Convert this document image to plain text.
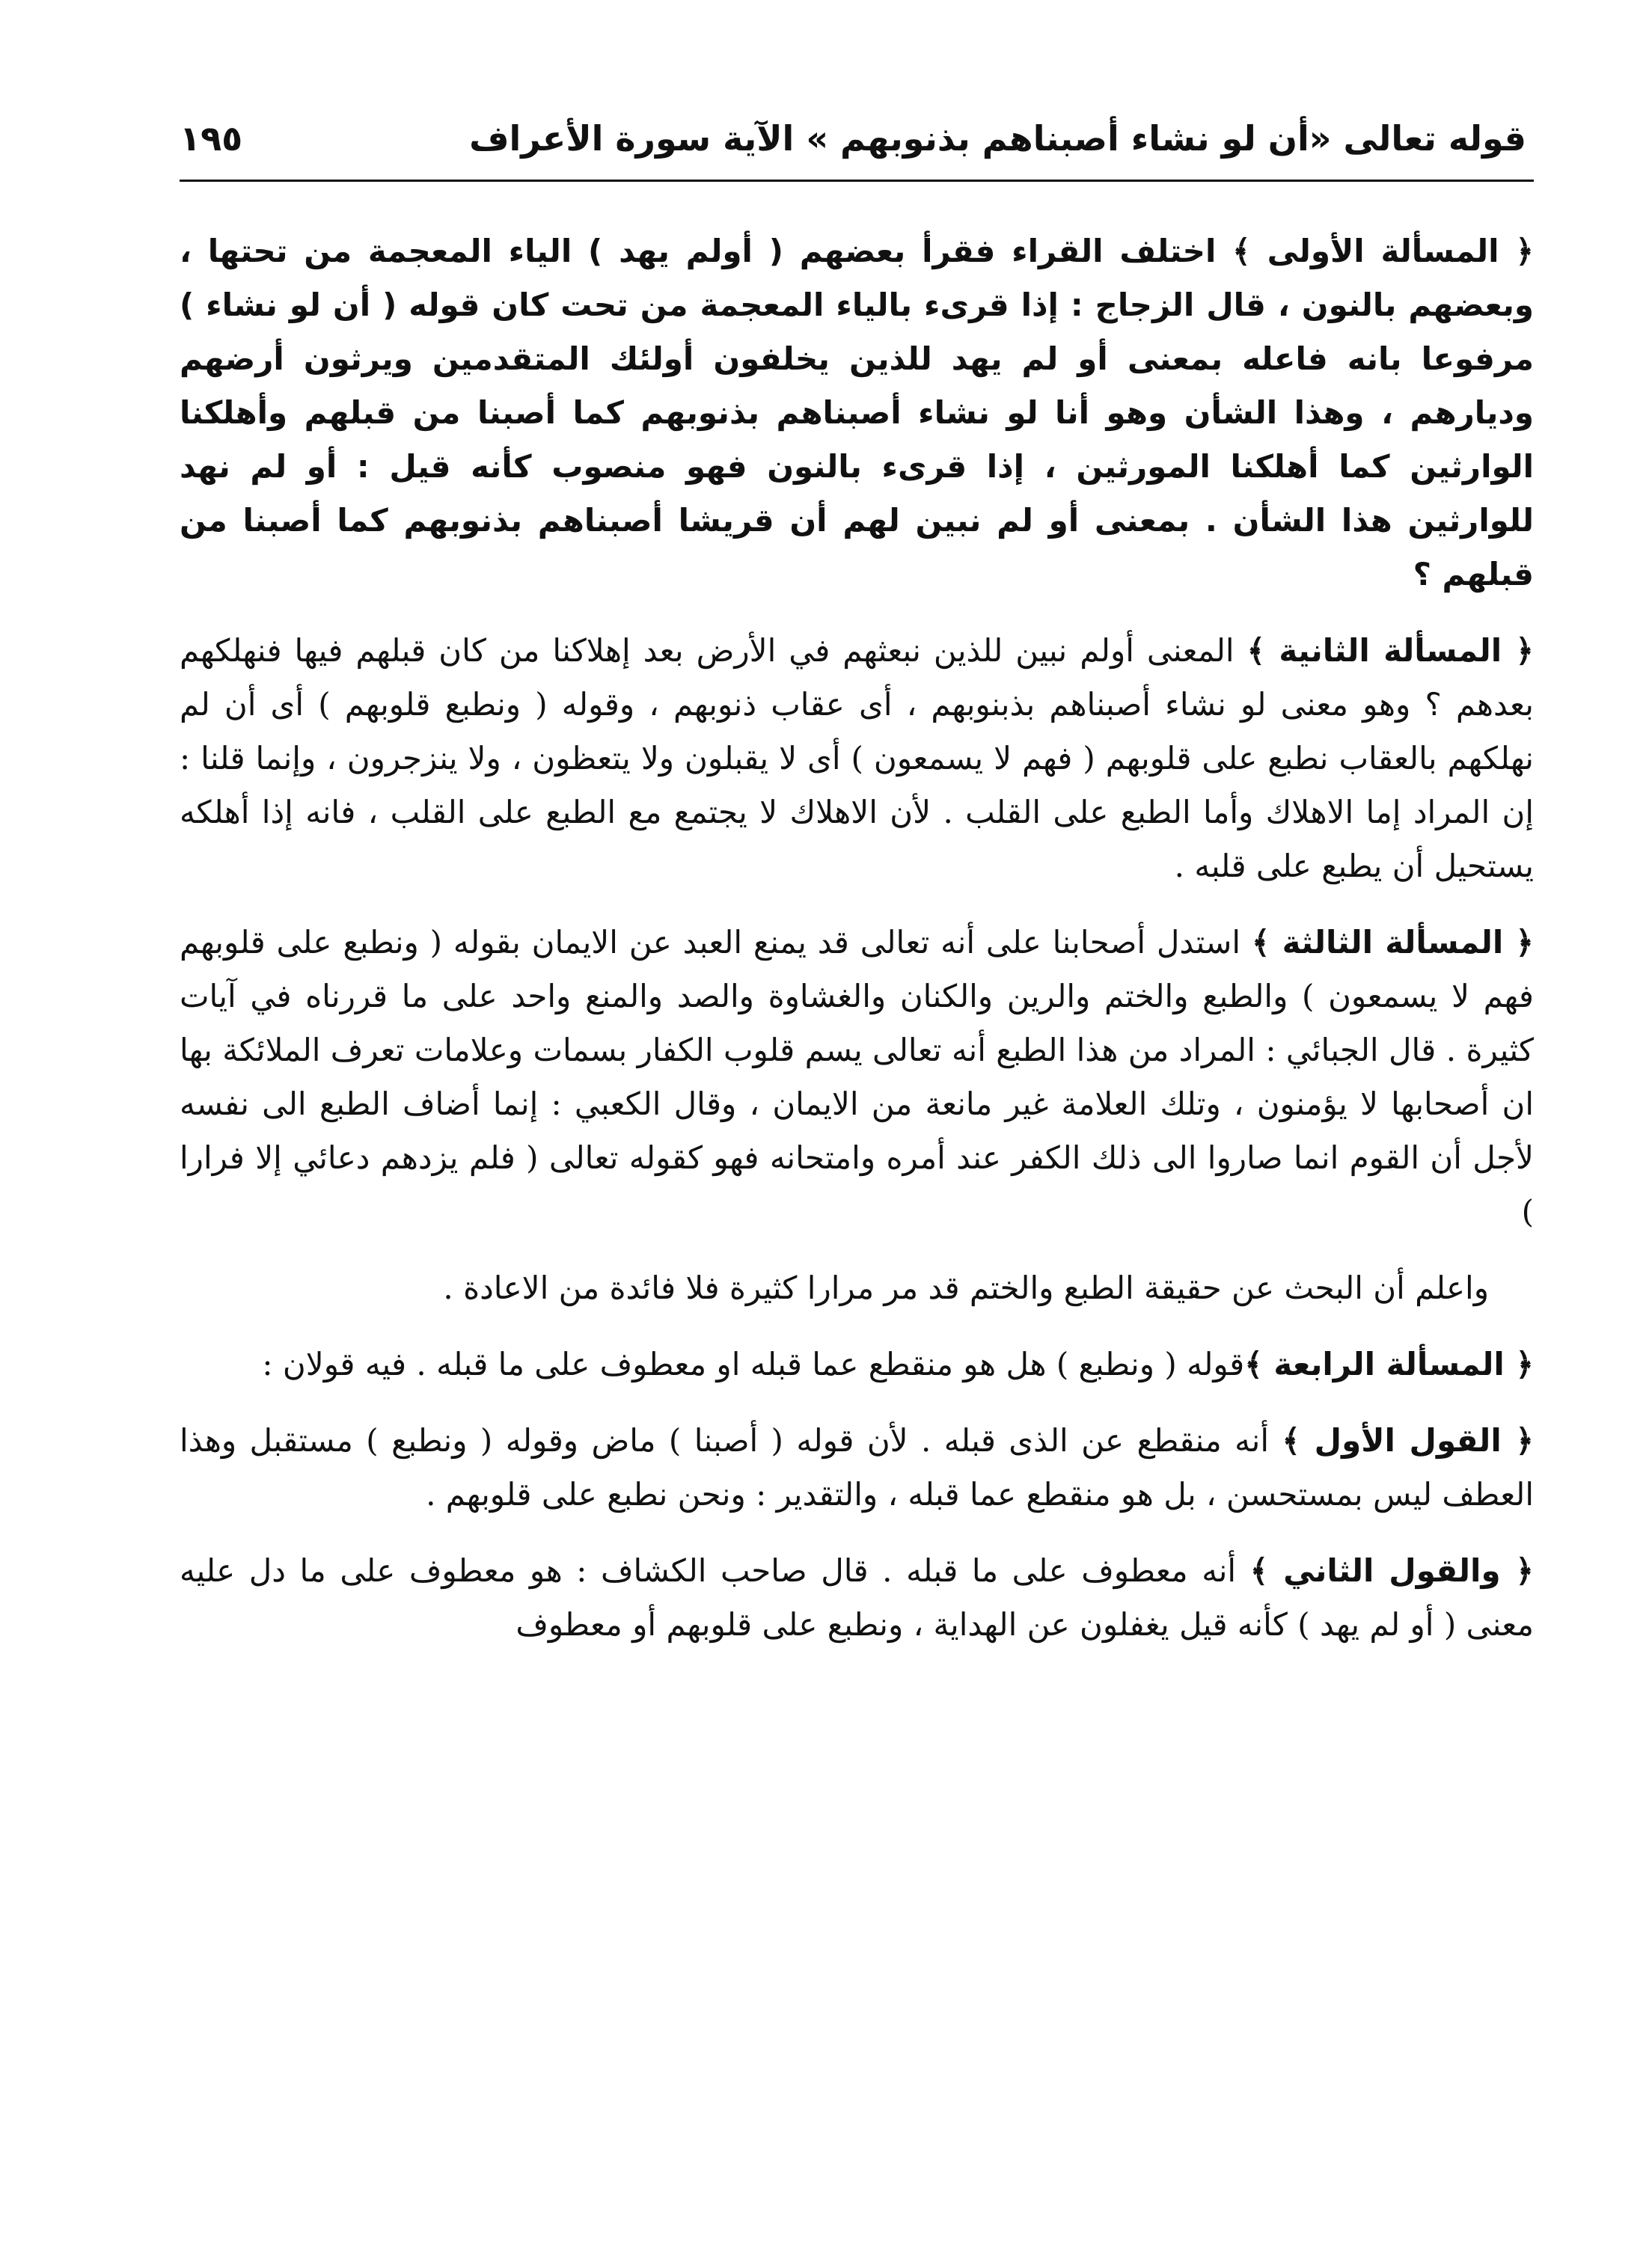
قوله تعالى «أن لو نشاء أصبناهم بذنوبهم » الآية سورة الأعراف
١٩٥

﴿ المسألة الأولى ﴾ اختلف القراء فقرأ بعضهم ( أولم يهد ) الياء المعجمة من تحتها ، وبعضهم بالنون ، قال الزجاج : إذا قرىء بالياء المعجمة من تحت كان قوله ( أن لو نشاء ) مرفوعا بانه فاعله بمعنى أو لم يهد للذين يخلفون أولئك المتقدمين ويرثون أرضهم وديارهم ، وهذا الشأن وهو أنا لو نشاء أصبناهم بذنوبهم كما أصبنا من قبلهم وأهلكنا الوارثين كما أهلكنا المورثين ، إذا قرىء بالنون فهو منصوب كأنه قيل : أو لم نهد للوارثين هذا الشأن . بمعنى أو لم نبين لهم أن قريشا أصبناهم بذنوبهم كما أصبنا من قبلهم ؟

﴿ المسألة الثانية ﴾ المعنى أولم نبين للذين نبعثهم في الأرض بعد إهلاكنا من كان قبلهم فيها فنهلكهم بعدهم ؟ وهو معنى لو نشاء أصبناهم بذبنوبهم ، أى عقاب ذنوبهم ، وقوله ( ونطبع قلوبهم ) أى أن لم نهلكهم بالعقاب نطبع على قلوبهم ( فهم لا يسمعون ) أى لا يقبلون ولا يتعظون ، ولا ينزجرون ، وإنما قلنا : إن المراد إما الاهلاك وأما الطبع على القلب . لأن الاهلاك لا يجتمع مع الطبع على القلب ، فانه إذا أهلكه يستحيل أن يطبع على قلبه .

﴿ المسألة الثالثة ﴾ استدل أصحابنا على أنه تعالى قد يمنع العبد عن الايمان بقوله ( ونطبع على قلوبهم فهم لا يسمعون ) والطبع والختم والرين والكنان والغشاوة والصد والمنع واحد على ما قررناه في آيات كثيرة . قال الجبائي : المراد من هذا الطبع أنه تعالى يسم قلوب الكفار بسمات وعلامات تعرف الملائكة بها ان أصحابها لا يؤمنون ، وتلك العلامة غير مانعة من الايمان ، وقال الكعبي : إنما أضاف الطبع الى نفسه لأجل أن القوم انما صاروا الى ذلك الكفر عند أمره وامتحانه فهو كقوله تعالى ( فلم يزدهم دعائي إلا فرارا )

واعلم أن البحث عن حقيقة الطبع والختم قد مر مرارا كثيرة فلا فائدة من الاعادة .

﴿ المسألة الرابعة ﴾قوله ( ونطبع ) هل هو منقطع عما قبله او معطوف على ما قبله . فيه قولان :

﴿ القول الأول ﴾ أنه منقطع عن الذى قبله . لأن قوله ( أصبنا ) ماض وقوله ( ونطبع ) مستقبل وهذا العطف ليس بمستحسن ، بل هو منقطع عما قبله ، والتقدير : ونحن نطبع على قلوبهم .

﴿ والقول الثاني ﴾ أنه معطوف على ما قبله . قال صاحب الكشاف : هو معطوف على ما دل عليه معنى ( أو لم يهد ) كأنه قيل يغفلون عن الهداية ، ونطبع على قلوبهم أو معطوف
